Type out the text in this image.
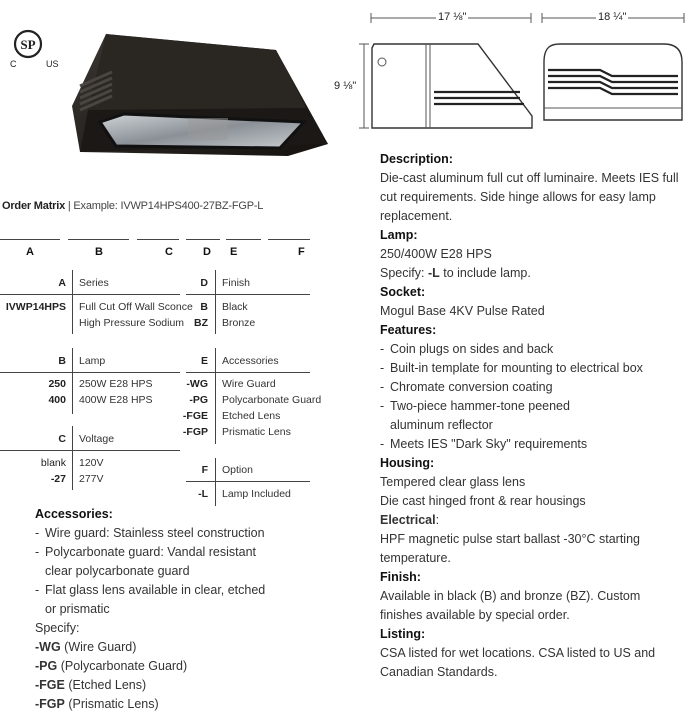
SP
C	US
17 ⅛"	18 ¼"
9 ⅛"
Order Matrix | Example: IVWP14HPS400-27BZ-FGP-L
A	B	C	D E	F
A Series
IVWP14HPS Full Cut Off Wall Sconce
High Pressure Sodium
D Finish
B Black
BZ Bronze
B Lamp
250 250W E28 HPS
400 400W E28 HPS
E Accessories
-WG Wire Guard
-PG Polycarbonate Guard
-FGE Etched Lens
-FGP Prismatic Lens
C Voltage
blank 120V
-27 277V
F Option
-L Lamp Included
Accessories:
- Wire guard: Stainless steel construction
- Polycarbonate guard: Vandal resistant clear polycarbonate guard
- Flat glass lens available in clear, etched or prismatic
Specify:
-WG (Wire Guard)
-PG (Polycarbonate Guard)
-FGE (Etched Lens)
-FGP (Prismatic Lens)
Description:
Die-cast aluminum full cut off luminaire. Meets IES full cut requirements. Side hinge allows for easy lamp replacement.
Lamp:
250/400W E28 HPS
Specify: -L to include lamp.
Socket:
Mogul Base 4KV Pulse Rated
Features:
- Coin plugs on sides and back
- Built-in template for mounting to electrical box
- Chromate conversion coating
- Two-piece hammer-tone peened aluminum reflector
- Meets IES "Dark Sky" requirements
Housing:
Tempered clear glass lens
Die cast hinged front & rear housings
Electrical:
HPF magnetic pulse start ballast -30°C starting temperature.
Finish:
Available in black (B) and bronze (BZ). Custom finishes available by special order.
Listing:
CSA listed for wet locations. CSA listed to US and Canadian Standards.
